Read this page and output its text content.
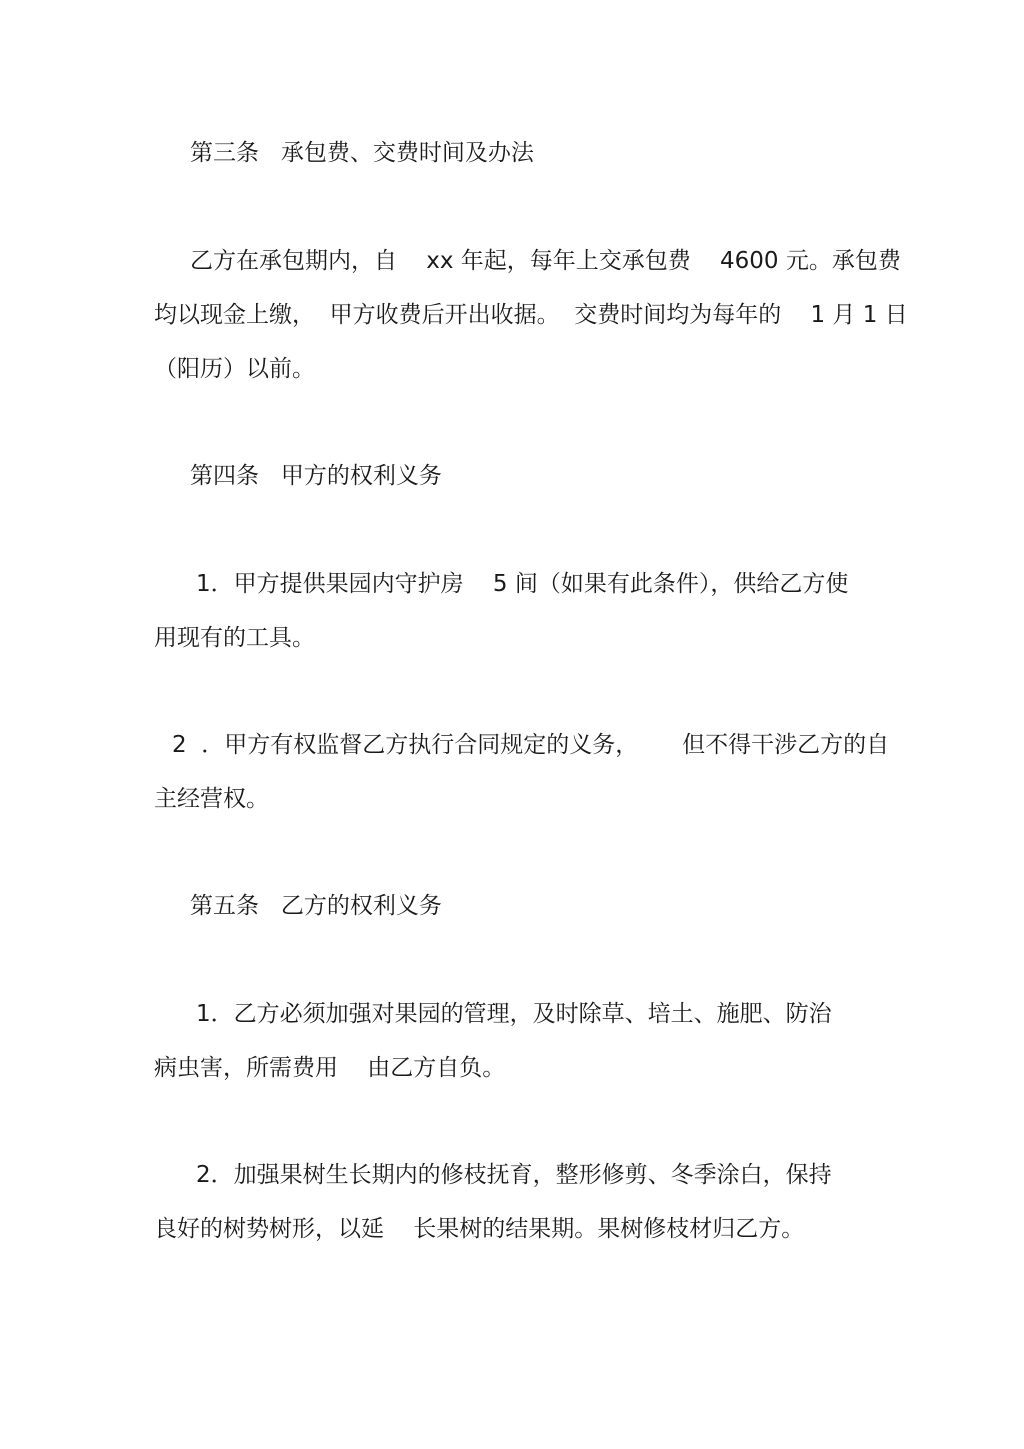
第三条   承包费、交费时间及办法
乙方在承包期内，自    xx 年起，每年上交承包费    4600 元。承包费
均以现金上缴，  甲方收费后开出收据。  交费时间均为每年的    1 月 1 日
（阳历）以前。
第四条   甲方的权利义务
1．甲方提供果园内守护房    5 间（如果有此条件），供给乙方使
用现有的工具。
2  ．甲方有权监督乙方执行合同规定的义务，      但不得干涉乙方的自
主经营权。
第五条   乙方的权利义务
1．乙方必须加强对果园的管理，及时除草、培土、施肥、防治
病虫害，所需费用    由乙方自负。
2．加强果树生长期内的修枝抚育，整形修剪、冬季涂白，保持
良好的树势树形，以延    长果树的结果期。果树修枝材归乙方。
